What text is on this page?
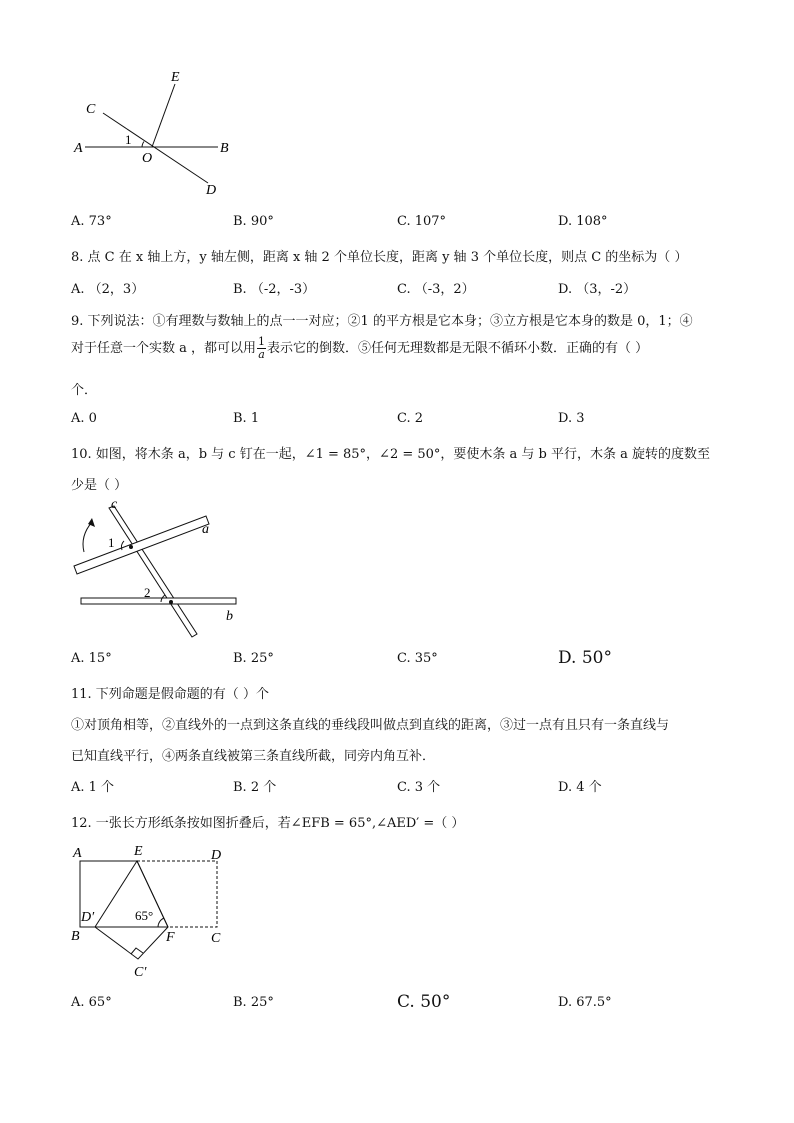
E
C
1
A
O
B
D
A. 73°	B. 90°	C. 107°	D. 108°
8. 点 C 在 x 轴上方，y 轴左侧，距离 x 轴 2 个单位长度，距离 y 轴 3 个单位长度，则点 C 的坐标为（ ）
A. （2，3）	B. （-2，-3）	C. （-3，2）	D. （3，-2）
9. 下列说法：①有理数与数轴上的点一一对应；②1 的平方根是它本身；③立方根是它本身的数是 0，1；④
对于任意一个实数 a ，都可以用 $\frac{1}{a}$ 表示它的倒数．⑤任何无理数都是无限不循环小数．正确的有（ ）
个．
A. 0	B. 1	C. 2	D. 3
10. 如图，将木条 a，b 与 c 钉在一起，∠1 = 85°，∠2 = 50°，要使木条 a 与 b 平行，木条 a 旋转的度数至
少是（ ）
c
a
1
2
b
A. 15°	B. 25°	C. 35°	D. 50°
11. 下列命题是假命题的有（ ）个
①对顶角相等，②直线外的一点到这条直线的垂线段叫做点到直线的距离，③过一点有且只有一条直线与
已知直线平行，④两条直线被第三条直线所截，同旁内角互补．
A. 1 个	B. 2 个	C. 3 个	D. 4 个
12. 一张长方形纸条按如图折叠后，若∠EFB = 65°,∠AED′ =（ ）
A	E	D
D′	65°
B	F	C
C′
A. 65°	B. 25°	C. 50°	D. 67.5°
